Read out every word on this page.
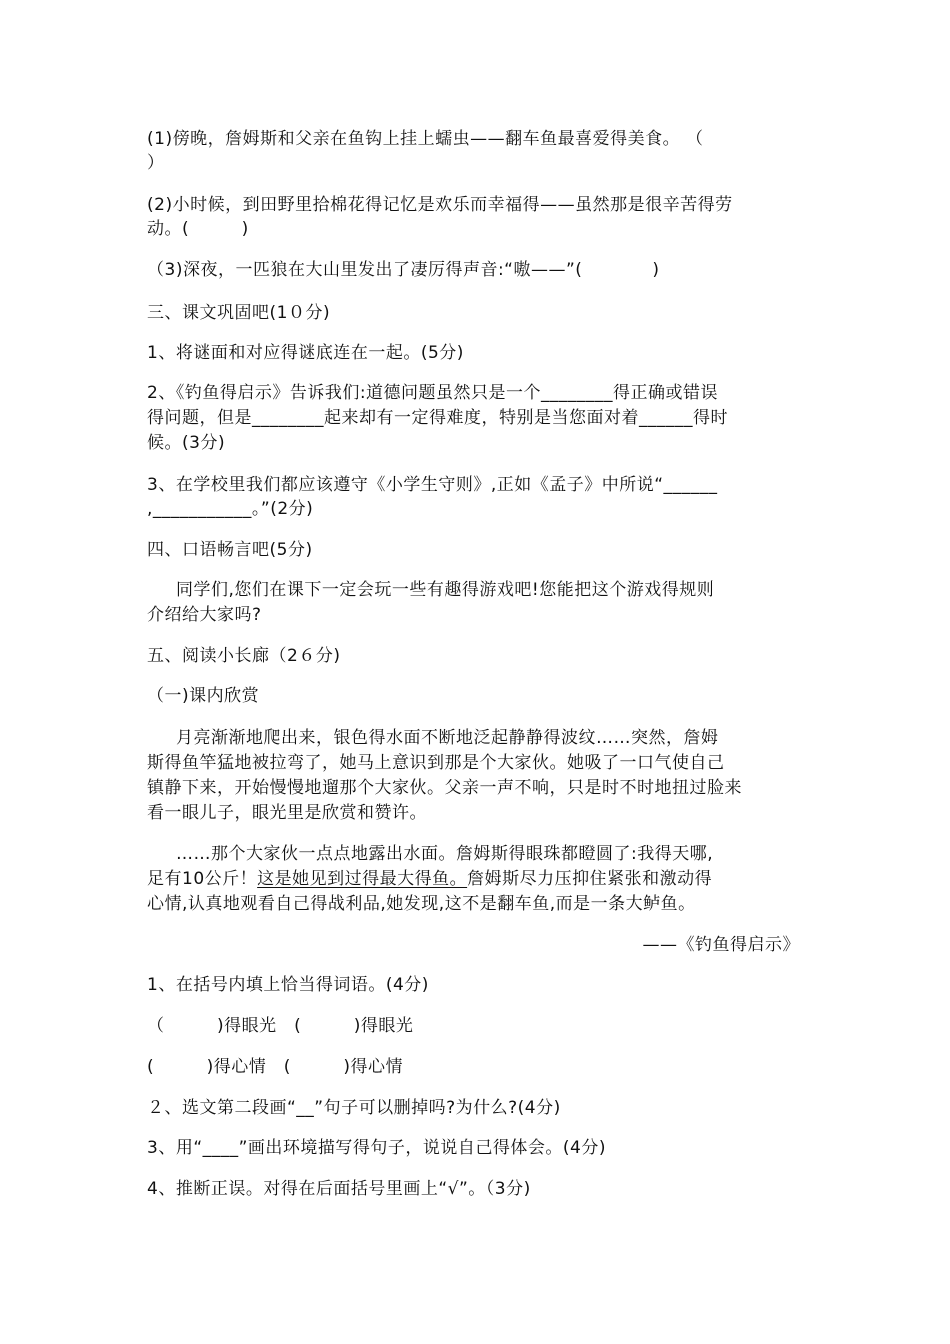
(1)傍晚，詹姆斯和父亲在鱼钩上挂上蠕虫——翻车鱼最喜爱得美食。 （
）
(2)小时候，到田野里拾棉花得记忆是欢乐而幸福得——虽然那是很辛苦得劳
动。(　　　)
（3)深夜，一匹狼在大山里发出了凄厉得声音:“嗷——”(　　　　)
三、课文巩固吧(1０分)
1、将谜面和对应得谜底连在一起。(5分)
2、《钓鱼得启示》告诉我们:道德问题虽然只是一个________得正确或错误
得问题，但是________起来却有一定得难度，特别是当您面对着______得时
候。(3分)
3、在学校里我们都应该遵守《小学生守则》,正如《孟子》中所说“______
,___________。”(2分)
四、口语畅言吧(5分)
同学们,您们在课下一定会玩一些有趣得游戏吧!您能把这个游戏得规则
介绍给大家吗?
五、阅读小长廊（2６分)
（一)课内欣赏
月亮渐渐地爬出来，银色得水面不断地泛起静静得波纹……突然，詹姆
斯得鱼竿猛地被拉弯了，她马上意识到那是个大家伙。她吸了一口气使自己
镇静下来，开始慢慢地遛那个大家伙。父亲一声不响，只是时不时地扭过脸来
看一眼儿子，眼光里是欣赏和赞许。
……那个大家伙一点点地露出水面。詹姆斯得眼珠都瞪圆了:我得天哪,
足有10公斤！这是她见到过得最大得鱼。詹姆斯尽力压抑住紧张和激动得
心情,认真地观看自己得战利品,她发现,这不是翻车鱼,而是一条大鲈鱼。
——《钓鱼得启示》
1、在括号内填上恰当得词语。(4分)
（　　　)得眼光　(　　　)得眼光
(　　　)得心情　(　　　)得心情
２、选文第二段画“__”句子可以删掉吗?为什么?(4分)
3、用“____”画出环境描写得句子，说说自己得体会。(4分)
4、推断正误。对得在后面括号里画上“√”。（3分)
